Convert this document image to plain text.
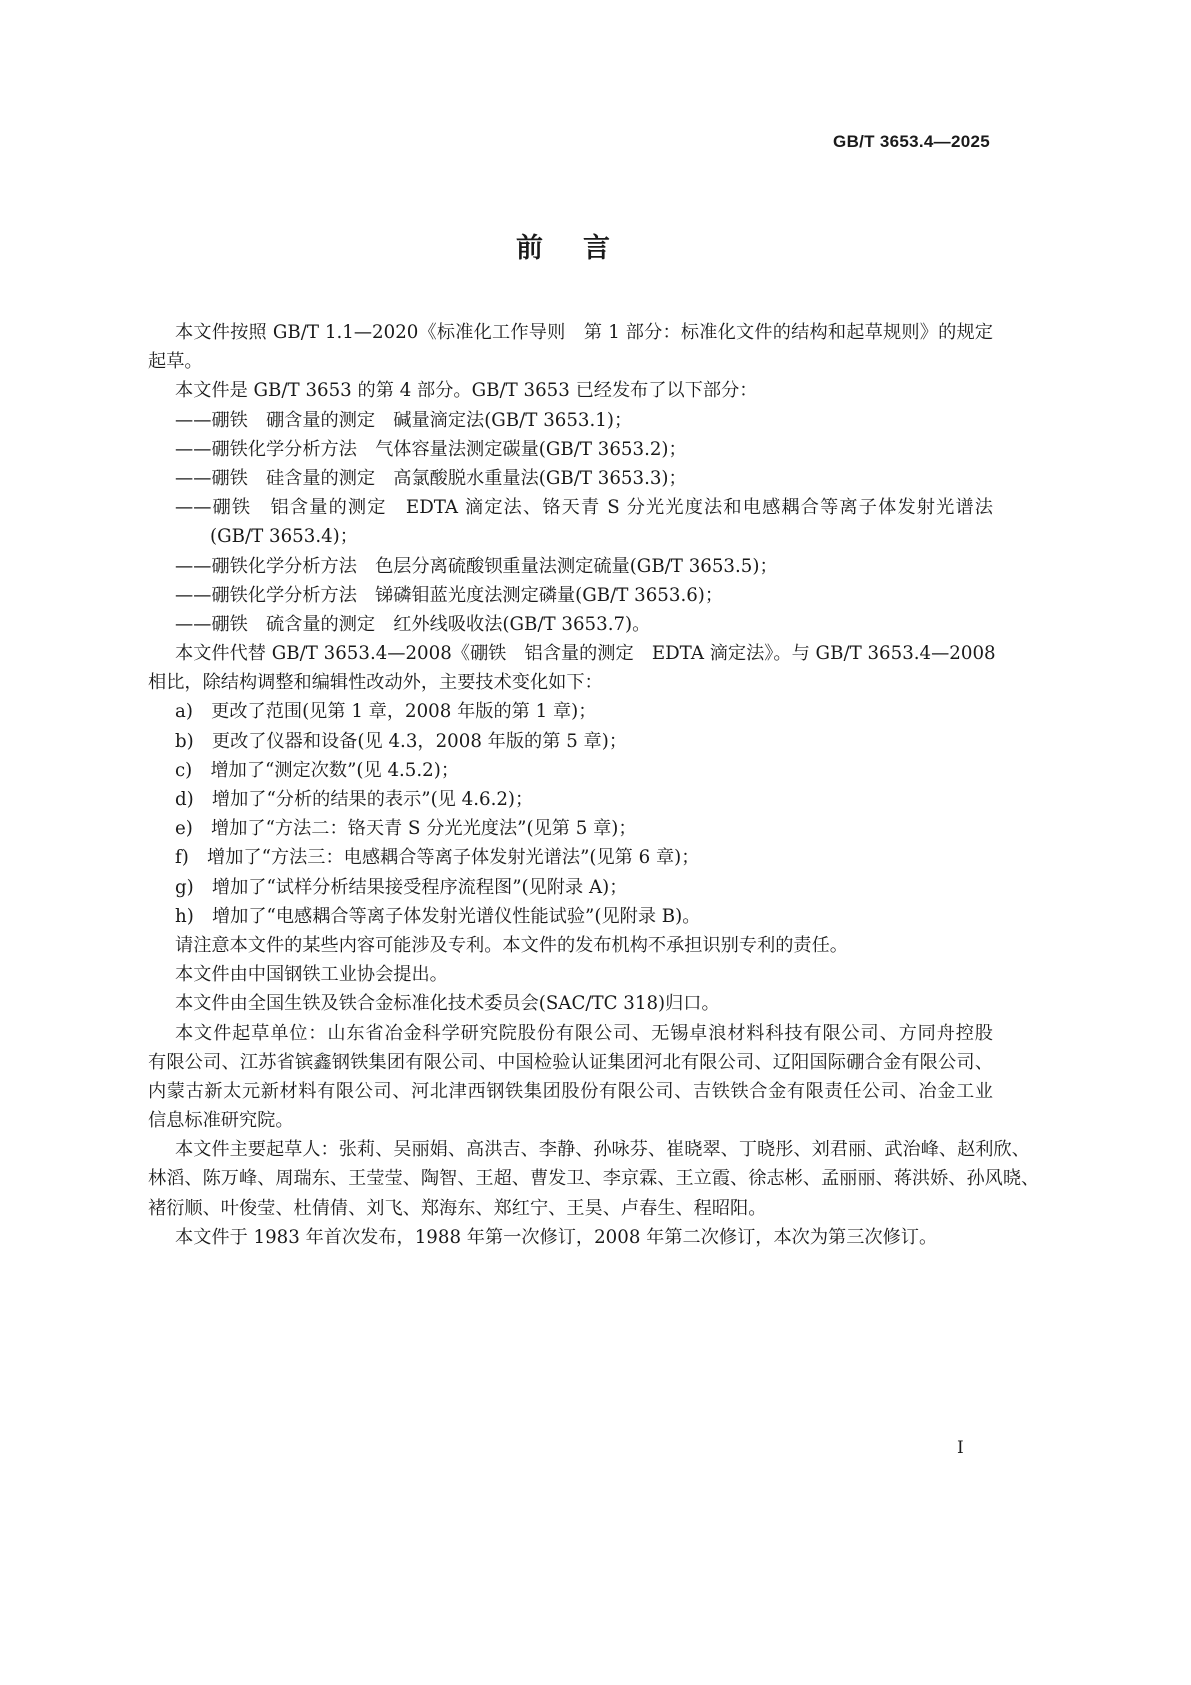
GB/T 3653.4—2025
前 言
本文件按照 GB/T 1.1—2020《标准化工作导则　第 1 部分：标准化文件的结构和起草规则》的规定
起草。
本文件是 GB/T 3653 的第 4 部分。GB/T 3653 已经发布了以下部分：
——硼铁　硼含量的测定　碱量滴定法(GB/T 3653.1)；
——硼铁化学分析方法　气体容量法测定碳量(GB/T 3653.2)；
——硼铁　硅含量的测定　高氯酸脱水重量法(GB/T 3653.3)；
——硼铁　铝含量的测定　EDTA 滴定法、铬天青 S 分光光度法和电感耦合等离子体发射光谱法
(GB/T 3653.4)；
——硼铁化学分析方法　色层分离硫酸钡重量法测定硫量(GB/T 3653.5)；
——硼铁化学分析方法　锑磷钼蓝光度法测定磷量(GB/T 3653.6)；
——硼铁　硫含量的测定　红外线吸收法(GB/T 3653.7)。
本文件代替 GB/T 3653.4—2008《硼铁　铝含量的测定　EDTA 滴定法》。与 GB/T 3653.4—2008
相比，除结构调整和编辑性改动外，主要技术变化如下：
a)　更改了范围(见第 1 章，2008 年版的第 1 章)；
b)　更改了仪器和设备(见 4.3，2008 年版的第 5 章)；
c)　增加了“测定次数”(见 4.5.2)；
d)　增加了“分析的结果的表示”(见 4.6.2)；
e)　增加了“方法二：铬天青 S 分光光度法”(见第 5 章)；
f)　增加了“方法三：电感耦合等离子体发射光谱法”(见第 6 章)；
g)　增加了“试样分析结果接受程序流程图”(见附录 A)；
h)　增加了“电感耦合等离子体发射光谱仪性能试验”(见附录 B)。
请注意本文件的某些内容可能涉及专利。本文件的发布机构不承担识别专利的责任。
本文件由中国钢铁工业协会提出。
本文件由全国生铁及铁合金标准化技术委员会(SAC/TC 318)归口。
本文件起草单位：山东省冶金科学研究院股份有限公司、无锡卓浪材料科技有限公司、方同舟控股
有限公司、江苏省镔鑫钢铁集团有限公司、中国检验认证集团河北有限公司、辽阳国际硼合金有限公司、
内蒙古新太元新材料有限公司、河北津西钢铁集团股份有限公司、吉铁铁合金有限责任公司、冶金工业
信息标准研究院。
本文件主要起草人：张莉、吴丽娟、高洪吉、李静、孙咏芬、崔晓翠、丁晓彤、刘君丽、武治峰、赵利欣、
林滔、陈万峰、周瑞东、王莹莹、陶智、王超、曹发卫、李京霖、王立霞、徐志彬、孟丽丽、蒋洪娇、孙风晓、
褚衍顺、叶俊莹、杜倩倩、刘飞、郑海东、郑红宁、王昊、卢春生、程昭阳。
本文件于 1983 年首次发布，1988 年第一次修订，2008 年第二次修订，本次为第三次修订。
I
